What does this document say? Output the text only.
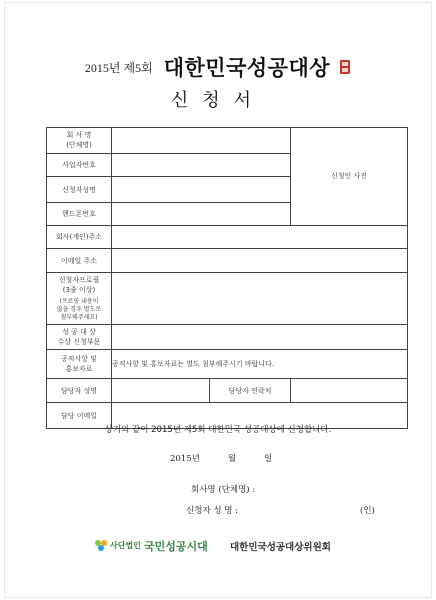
2015년 제5회 대한민국성공대상
신청서
회 사 명
(단체명)			신청인 사진
사업자번호			
신청자성명			
핸드폰번호			
회사(개인)주소			
이메일 주소			

신청자프로필
(3줄 이상)
(프로필 내용이
많을 경우 별도로
첨부해주세요)			

성 공 대 상
수상 신청부문			

공적사항 및
홍보자료	공적사항 및 홍보자료는 별도 첨부해주시기 바랍니다.		
담당자 성명		담당자 연락처	
담당 이메일			
상기와 같이 2015년 제5회 대한민국 성공대상에 신청합니다.
2015년	월	일
회사명 (단체명) :
신청자 성 명 :	(인)
사단법인 국민성공시대 대한민국성공대상위원회
